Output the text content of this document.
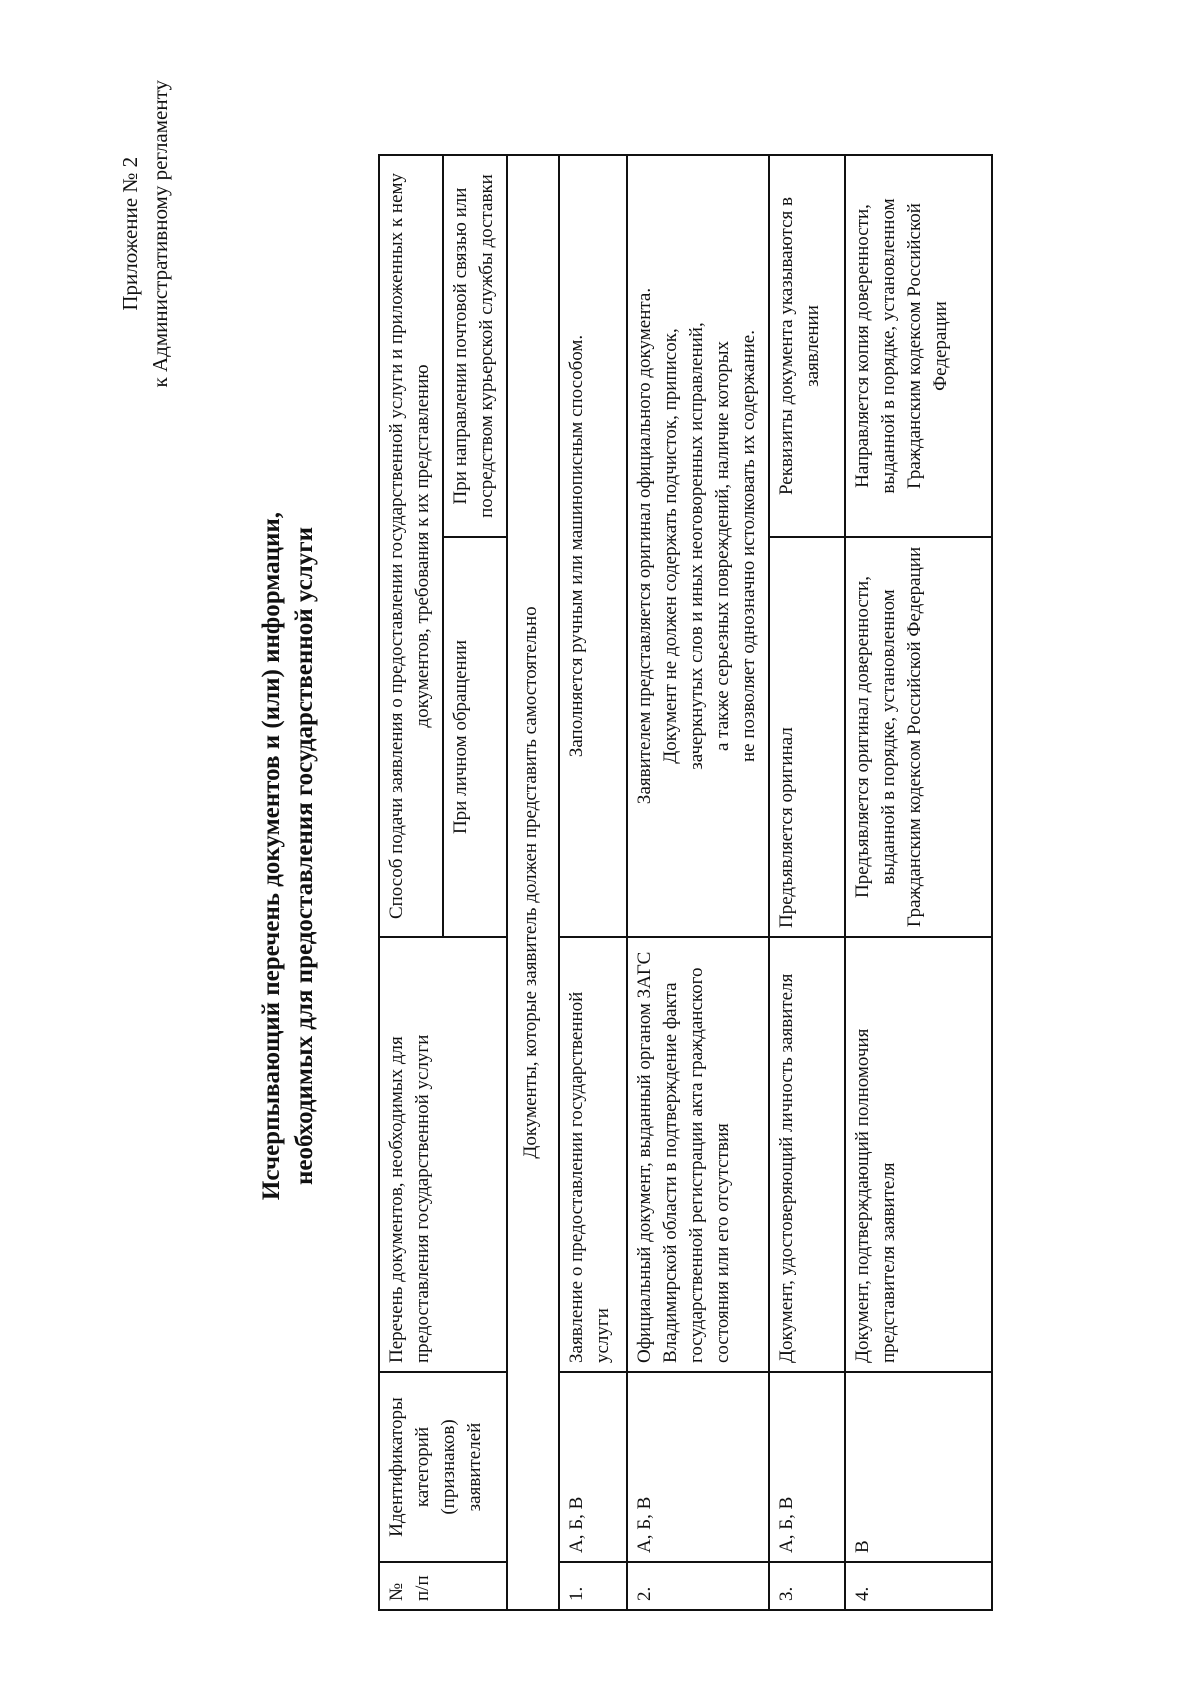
Приложение № 2 к Административному регламенту
Исчерпывающий перечень документов и (или) информации, необходимых для предоставления государственной услуги
№ п/п	Идентификаторы категорий (признаков) заявителей	Перечень документов, необходимых для предоставления государственной услуги	Способ подачи заявления о предоставлении государственной услуги и приложенных к нему документов, требования к их представлению	
			При личном обращении	При направлении почтовой связью или посредством курьерской службы доставки
Документы, которые заявитель должен представить самостоятельно				
1.	А, Б, В	Заявление о предоставлении государственной услуги	Заполняется ручным или машинописным способом.	
2.	А, Б, В	Официальный документ, выданный органом ЗАГС Владимирской области в подтверждение факта государственной регистрации акта гражданского состояния или его отсутствия	Заявителем представляется оригинал официального документа. Документ не должен содержать подчисток, приписок, зачеркнутых слов и иных неоговоренных исправлений, а также серьезных повреждений, наличие которых не позволяет однозначно истолковать их содержание.	

3.	А, Б, В	Документ, удостоверяющий личность заявителя	Предъявляется оригинал	Реквизиты документа указываются в заявлении
4.	В	Документ, подтверждающий полномочия представителя заявителя	Предъявляется оригинал доверенности, выданной в порядке, установленном Гражданским кодексом Российской Федерации	Направляется копия доверенности, выданной в порядке, установленном Гражданским кодексом Российской Федерации
